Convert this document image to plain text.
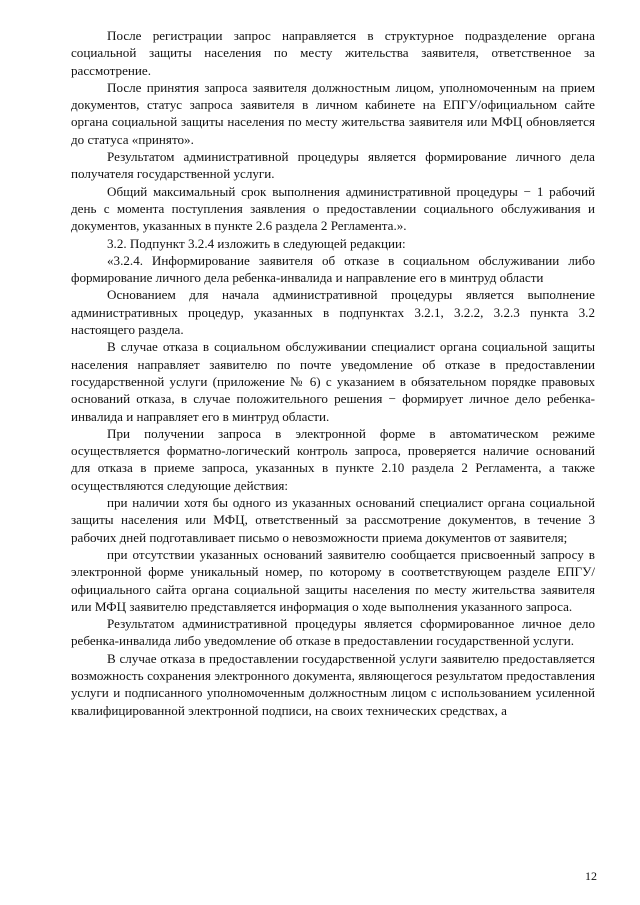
После регистрации запрос направляется в структурное подразделение органа социальной защиты населения по месту жительства заявителя, ответственное за рассмотрение.

После принятия запроса заявителя должностным лицом, уполномоченным на прием документов, статус запроса заявителя в личном кабинете на ЕПГУ/официальном сайте органа социальной защиты населения по месту жительства заявителя или МФЦ обновляется до статуса «принято».

Результатом административной процедуры является формирование личного дела получателя государственной услуги.

Общий максимальный срок выполнения административной процедуры − 1 рабочий день с момента поступления заявления о предоставлении социального обслуживания и документов, указанных в пункте 2.6 раздела 2 Регламента.».

3.2. Подпункт 3.2.4 изложить в следующей редакции:

«3.2.4. Информирование заявителя об отказе в социальном обслуживании либо формирование личного дела ребенка-инвалида и направление его в минтруд области

Основанием для начала административной процедуры является выполнение административных процедур, указанных в подпунктах 3.2.1, 3.2.2, 3.2.3 пункта 3.2 настоящего раздела.

В случае отказа в социальном обслуживании специалист органа социальной защиты населения направляет заявителю по почте уведомление об отказе в предоставлении государственной услуги (приложение № 6) с указанием в обязательном порядке правовых оснований отказа, в случае положительного решения − формирует личное дело ребенка-инвалида и направляет его в минтруд области.

При получении запроса в электронной форме в автоматическом режиме осуществляется форматно-логический контроль запроса, проверяется наличие оснований для отказа в приеме запроса, указанных в пункте 2.10 раздела 2 Регламента, а также осуществляются следующие действия:

при наличии хотя бы одного из указанных оснований специалист органа социальной защиты населения или МФЦ, ответственный за рассмотрение документов, в течение 3 рабочих дней подготавливает письмо о невозможности приема документов от заявителя;

при отсутствии указанных оснований заявителю сообщается присвоенный запросу в электронной форме уникальный номер, по которому в соответствующем разделе ЕПГУ/официального сайта органа социальной защиты населения по месту жительства заявителя или МФЦ заявителю представляется информация о ходе выполнения указанного запроса.

Результатом административной процедуры является сформированное личное дело ребенка-инвалида либо уведомление об отказе в предоставлении государственной услуги.

В случае отказа в предоставлении государственной услуги заявителю предоставляется возможность сохранения электронного документа, являющегося результатом предоставления услуги и подписанного уполномоченным должностным лицом с использованием усиленной квалифицированной электронной подписи, на своих технических средствах, а

12
